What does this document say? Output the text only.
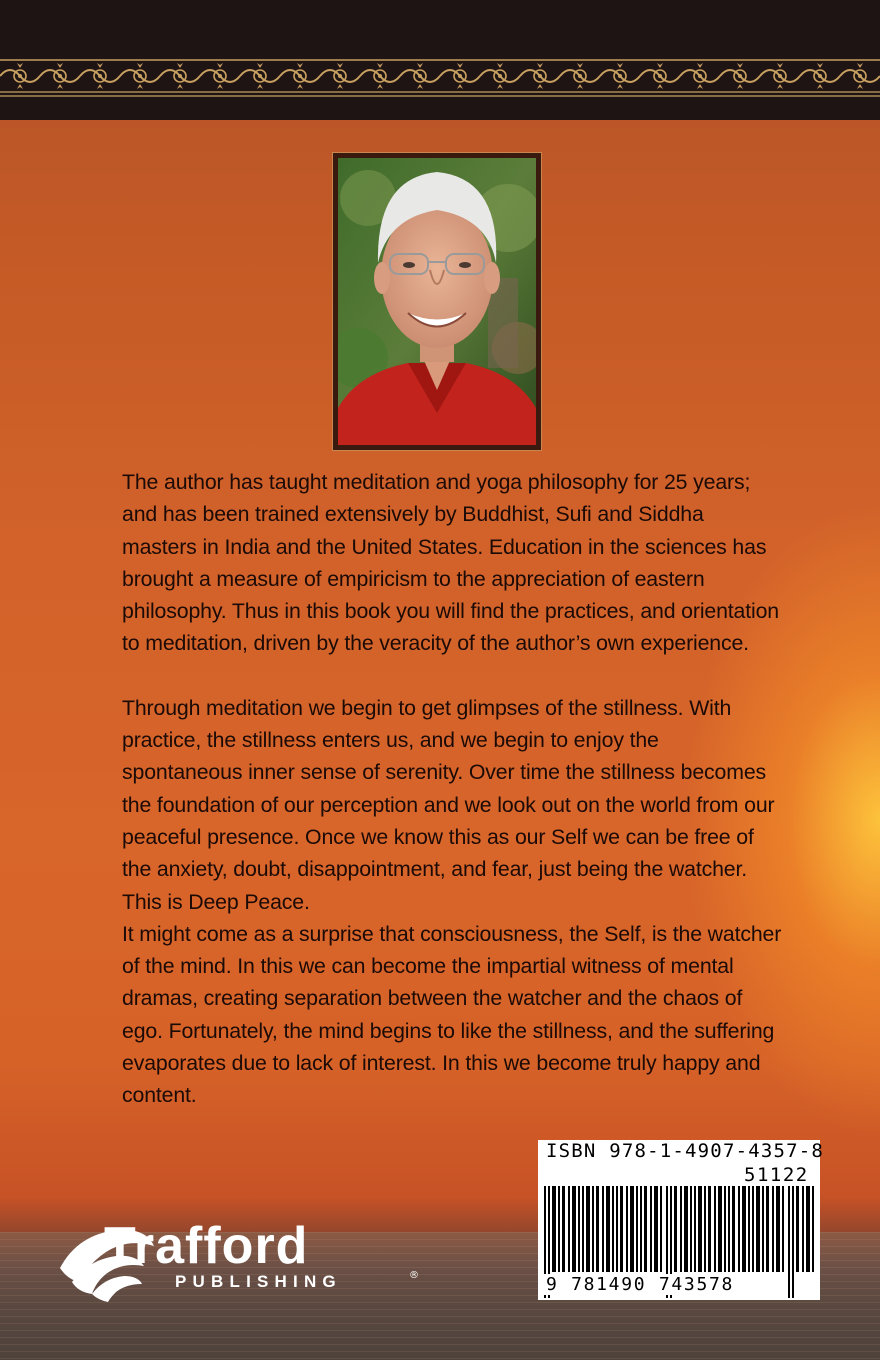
The author has taught meditation and yoga philosophy for 25 years; and has been trained extensively by Buddhist, Sufi and Siddha masters in India and the United States. Education in the sciences has brought a measure of empiricism to the appreciation of eastern philosophy. Thus in this book you will find the practices, and orientation to meditation, driven by the veracity of the author’s own experience.

Through meditation we begin to get glimpses of the stillness. With practice, the stillness enters us, and we begin to enjoy the spontaneous inner sense of serenity. Over time the stillness becomes the foundation of our perception and we look out on the world from our peaceful presence. Once we know this as our Self we can be free of the anxiety, doubt, disappointment, and fear, just being the watcher. This is Deep Peace.

It might come as a surprise that consciousness, the Self, is the watcher of the mind. In this we can become the impartial witness of mental dramas, creating separation between the watcher and the chaos of ego. Fortunately, the mind begins to like the stillness, and the suffering evaporates due to lack of interest. In this we become truly happy and content.

ISBN 978-1-4907-4357-8
51122
9 781490 743578
Trafford
PUBLISHING	®
